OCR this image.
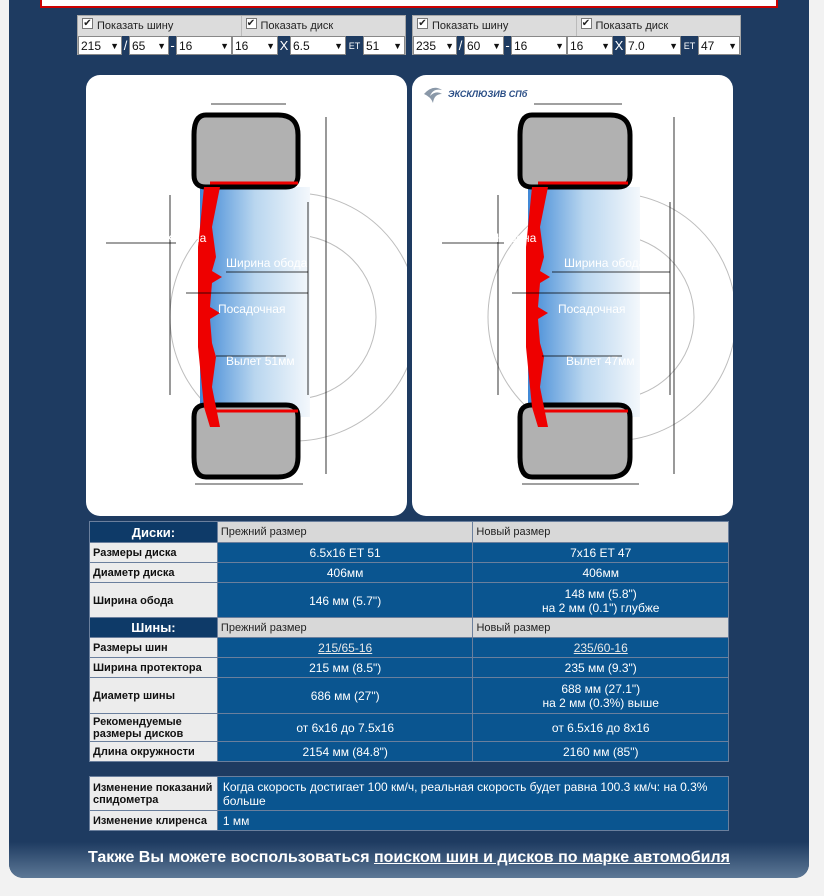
✔ Показать шину	✔ Показать диск
215 ▼ / 65 ▼ - 16	▼ 16 ▼ X 6.5	▼ ET 51 ▼
✔ Показать шину	✔ Показать диск
235 ▼ / 60 ▼ - 16	▼ 16 ▼ X 7.0	▼ ET 47 ▼
Корона
Ширина обода
Посадочная
Вылет 51мм
Корона
Ширина обода
Посадочная
Вылет 47мм
ЭКСКЛЮЗИВ СПб
Диски:	Прежний размер	Новый размер
Размеры диска	6.5x16 ET 51	7x16 ET 47
Диаметр диска	406мм	406мм
Ширина обода	146 мм (5.7")	148 мм (5.8")
на 2 мм (0.1") глубже
Шины:	Прежний размер	Новый размер
Размеры шин	215/65-16	235/60-16
Ширина протектора	215 мм (8.5")	235 мм (9.3")
Диаметр шины	686 мм (27")	688 мм (27.1")
на 2 мм (0.3%) выше

Рекомендуемые размеры дисков	от 6x16 до 7.5x16	от 6.5x16 до 8x16
Длина окружности	2154 мм (84.8")	2160 мм (85")
Изменение показаний спидометра	Когда скорость достигает 100 км/ч, реальная скорость будет равна 100.3 км/ч: на 0.3% больше
Изменение клиренса	1 мм
Также Вы можете воспользоваться поиском шин и дисков по марке автомобиля
